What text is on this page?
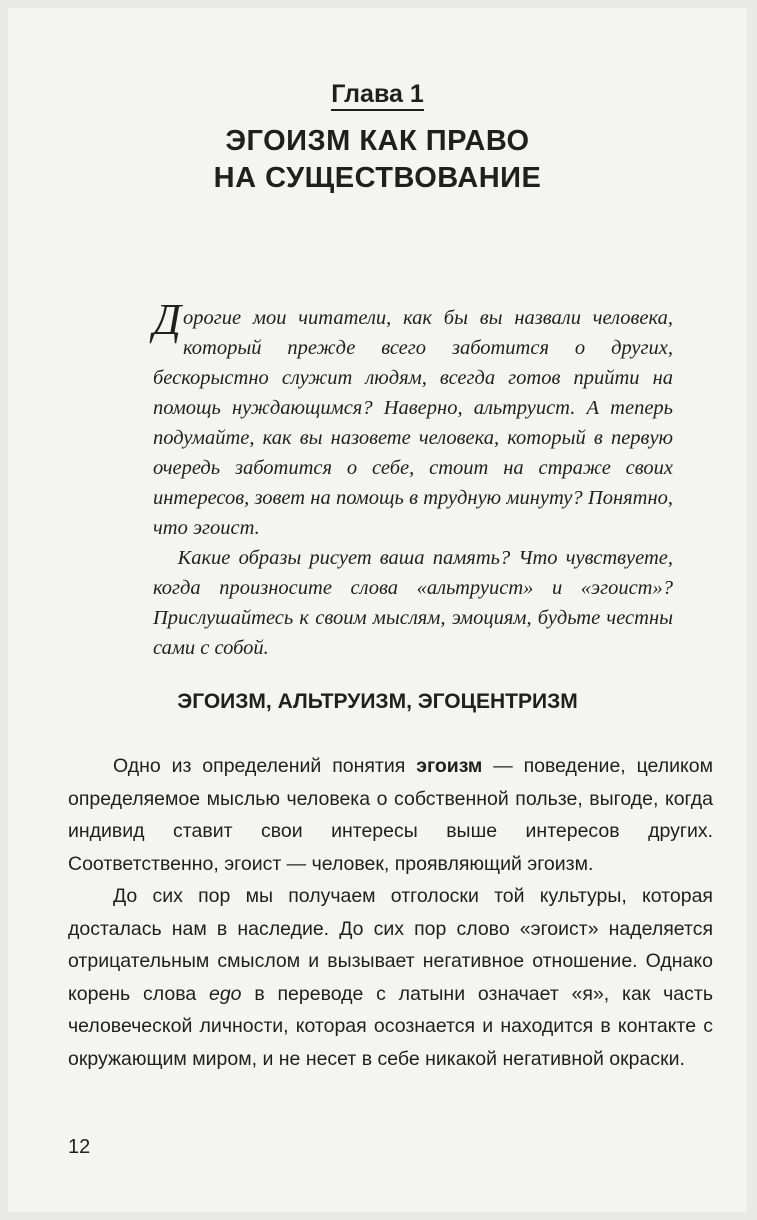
Глава 1
ЭГОИЗМ КАК ПРАВО
НА СУЩЕСТВОВАНИЕ

Дорогие мои читатели, как бы вы назвали человека, который прежде всего заботится о других, бескорыстно служит людям, всегда готов прийти на помощь нуждающимся? Наверно, альтруист. А теперь подумайте, как вы назовете человека, который в первую очередь заботится о себе, стоит на страже своих интересов, зовет на помощь в трудную минуту? Понятно, что эгоист.

  Какие образы рисует ваша память? Что чувствуете, когда произносите слова «альтруист» и «эгоист»? Прислушайтесь к своим мыслям, эмоциям, будьте честны сами с собой.

ЭГОИЗМ, АЛЬТРУИЗМ, ЭГОЦЕНТРИЗМ

Одно из определений понятия эгоизм — поведение, целиком определяемое мыслью человека о собственной пользе, выгоде, когда индивид ставит свои интересы выше интересов других. Соответственно, эгоист — человек, проявляющий эгоизм.

До сих пор мы получаем отголоски той культуры, которая досталась нам в наследие. До сих пор слово «эгоист» наделяется отрицательным смыслом и вызывает негативное отношение. Однако корень слова ego в переводе с латыни означает «я», как часть человеческой личности, которая осознается и находится в контакте с окружающим миром, и не несет в себе никакой негативной окраски.

12
